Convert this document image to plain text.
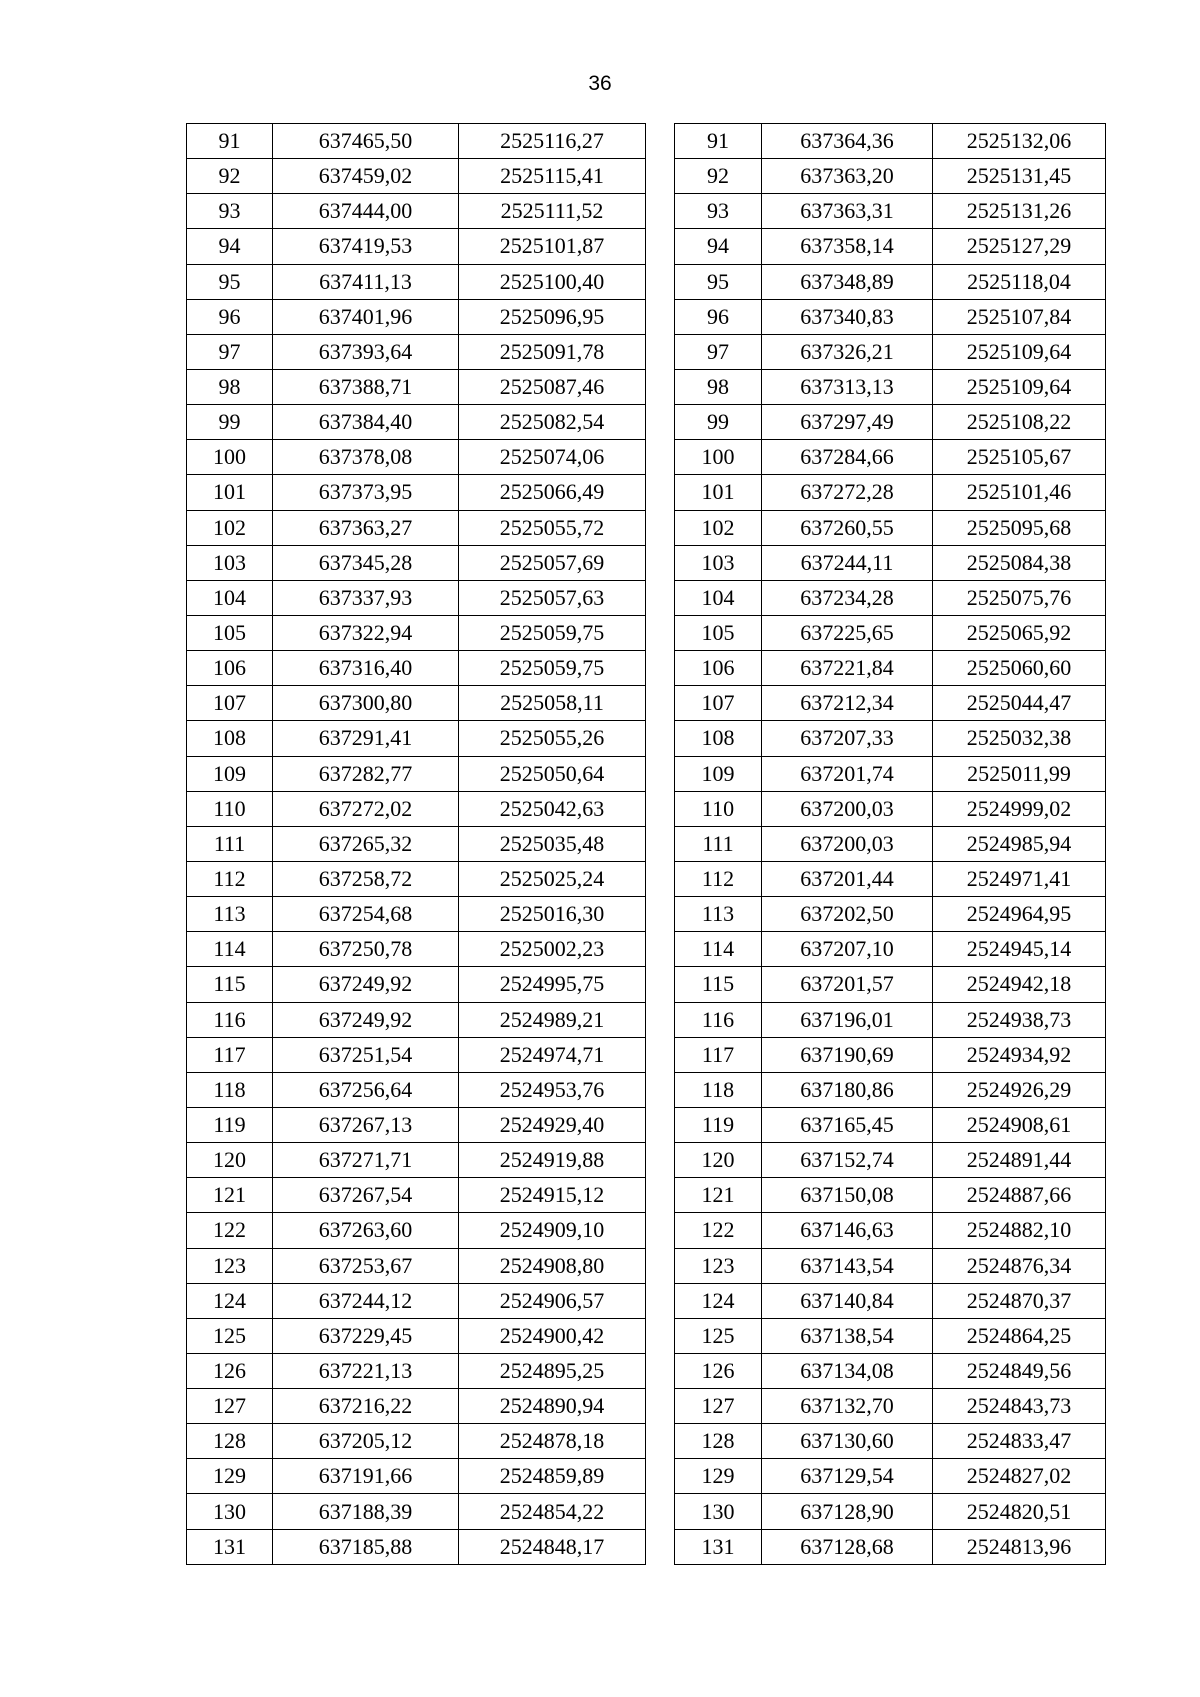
36
91	637465,50	2525116,27
92	637459,02	2525115,41
93	637444,00	2525111,52
94	637419,53	2525101,87
95	637411,13	2525100,40
96	637401,96	2525096,95
97	637393,64	2525091,78
98	637388,71	2525087,46
99	637384,40	2525082,54
100	637378,08	2525074,06
101	637373,95	2525066,49
102	637363,27	2525055,72
103	637345,28	2525057,69
104	637337,93	2525057,63
105	637322,94	2525059,75
106	637316,40	2525059,75
107	637300,80	2525058,11
108	637291,41	2525055,26
109	637282,77	2525050,64
110	637272,02	2525042,63
111	637265,32	2525035,48
112	637258,72	2525025,24
113	637254,68	2525016,30
114	637250,78	2525002,23
115	637249,92	2524995,75
116	637249,92	2524989,21
117	637251,54	2524974,71
118	637256,64	2524953,76
119	637267,13	2524929,40
120	637271,71	2524919,88
121	637267,54	2524915,12
122	637263,60	2524909,10
123	637253,67	2524908,80
124	637244,12	2524906,57
125	637229,45	2524900,42
126	637221,13	2524895,25
127	637216,22	2524890,94
128	637205,12	2524878,18
129	637191,66	2524859,89
130	637188,39	2524854,22
131	637185,88	2524848,17
91	637364,36	2525132,06
92	637363,20	2525131,45
93	637363,31	2525131,26
94	637358,14	2525127,29
95	637348,89	2525118,04
96	637340,83	2525107,84
97	637326,21	2525109,64
98	637313,13	2525109,64
99	637297,49	2525108,22
100	637284,66	2525105,67
101	637272,28	2525101,46
102	637260,55	2525095,68
103	637244,11	2525084,38
104	637234,28	2525075,76
105	637225,65	2525065,92
106	637221,84	2525060,60
107	637212,34	2525044,47
108	637207,33	2525032,38
109	637201,74	2525011,99
110	637200,03	2524999,02
111	637200,03	2524985,94
112	637201,44	2524971,41
113	637202,50	2524964,95
114	637207,10	2524945,14
115	637201,57	2524942,18
116	637196,01	2524938,73
117	637190,69	2524934,92
118	637180,86	2524926,29
119	637165,45	2524908,61
120	637152,74	2524891,44
121	637150,08	2524887,66
122	637146,63	2524882,10
123	637143,54	2524876,34
124	637140,84	2524870,37
125	637138,54	2524864,25
126	637134,08	2524849,56
127	637132,70	2524843,73
128	637130,60	2524833,47
129	637129,54	2524827,02
130	637128,90	2524820,51
131	637128,68	2524813,96
